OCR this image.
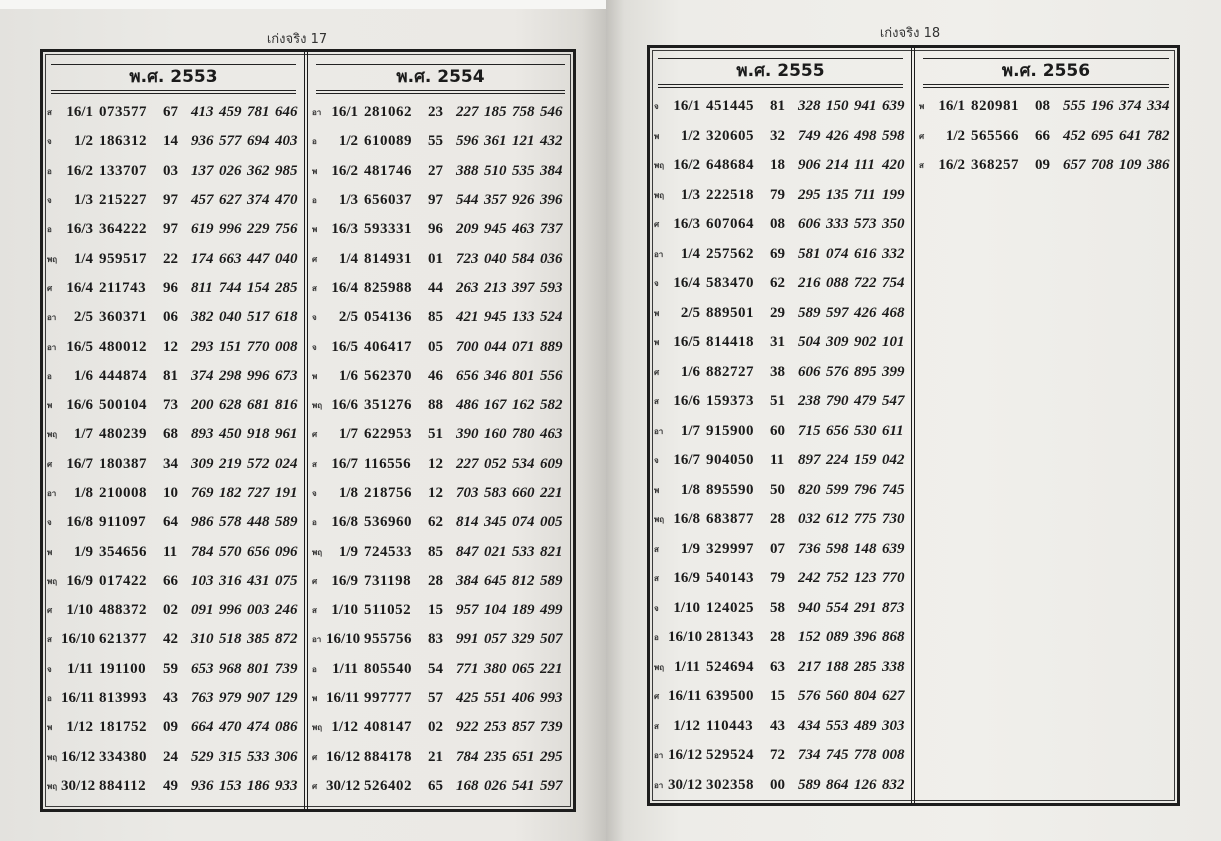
เก่งจริง 17
พ.ศ. 2553
ส 16/1 073577	67 413 459 781 646
จ	1/2 186312	14 936 577 694 403
อ 16/2 133707	03 137 026 362 985
จ	1/3 215227	97 457 627 374 470
อ 16/3 364222	97 619 996 229 756
พฤ	1/4 959517	22 174 663 447 040
ศ 16/4 211743	96 811 744 154 285
อา	2/5 360371	06 382 040 517 618
อา 16/5 480012	12 293 151 770 008
อ	1/6 444874	81 374 298 996 673
พ 16/6 500104	73 200 628 681 816
พฤ	1/7 480239	68 893 450 918 961
ศ 16/7 180387	34 309 219 572 024
อา	1/8 210008	10 769 182 727 191
จ 16/8 911097	64 986 578 448 589
พ	1/9 354656	11 784 570 656 096
พฤ 16/9 017422	66 103 316 431 075
ศ 1/10 488372	02 091 996 003 246
ส 16/10 621377	42 310 518 385 872
จ	1/11 191100	59 653 968 801 739
อ 16/11 813993	43 763 979 907 129
พ 1/12 181752	09 664 470 474 086
พฤ 16/12 334380	24 529 315 533 306
พฤ 30/12 884112	49 936 153 186 933
พ.ศ. 2554
อา 16/1 281062	23 227 185 758 546
อ	1/2 610089	55 596 361 121 432
พ 16/2 481746	27 388 510 535 384
อ	1/3 656037	97 544 357 926 396
พ 16/3 593331	96 209 945 463 737
ศ	1/4 814931	01 723 040 584 036
ส 16/4 825988	44 263 213 397 593
จ	2/5 054136	85 421 945 133 524
จ 16/5 406417	05 700 044 071 889
พ	1/6 562370	46 656 346 801 556
พฤ 16/6 351276	88 486 167 162 582
ศ	1/7 622953	51 390 160 780 463
ส 16/7 116556	12 227 052 534 609
จ	1/8 218756	12 703 583 660 221
อ 16/8 536960	62 814 345 074 005
พฤ	1/9 724533	85 847 021 533 821
ศ 16/9 731198	28 384 645 812 589
ส 1/10 511052	15 957 104 189 499
อา 16/10 955756	83 991 057 329 507
อ	1/11 805540	54 771 380 065 221
พ 16/11 997777	57 425 551 406 993
พฤ 1/12 408147	02 922 253 857 739
ศ 16/12 884178	21 784 235 651 295
ศ 30/12 526402	65 168 026 541 597
เก่งจริง 18
พ.ศ. 2555
จ 16/1 451445	81 328 150 941 639
พ	1/2 320605	32 749 426 498 598
พฤ 16/2 648684	18 906 214 111 420
พฤ	1/3 222518	79 295 135 711 199
ศ 16/3 607064	08 606 333 573 350
อา	1/4 257562	69 581 074 616 332
จ 16/4 583470	62 216 088 722 754
พ	2/5 889501	29 589 597 426 468
พ 16/5 814418	31 504 309 902 101
ศ	1/6 882727	38 606 576 895 399
ส 16/6 159373	51 238 790 479 547
อา	1/7 915900	60 715 656 530 611
จ 16/7 904050	11 897 224 159 042
พ	1/8 895590	50 820 599 796 745
พฤ 16/8 683877	28 032 612 775 730
ส	1/9 329997	07 736 598 148 639
ส 16/9 540143	79 242 752 123 770
จ 1/10 124025	58 940 554 291 873
อ 16/10 281343	28 152 089 396 868
พฤ 1/11 524694	63 217 188 285 338
ศ 16/11 639500	15 576 560 804 627
ส 1/12 110443	43 434 553 489 303
อา 16/12 529524	72 734 745 778 008
อา 30/12 302358	00 589 864 126 832
พ.ศ. 2556
พ 16/1 820981	08 555 196 374 334
ศ	1/2 565566	66 452 695 641 782
ส 16/2 368257	09 657 708 109 386
